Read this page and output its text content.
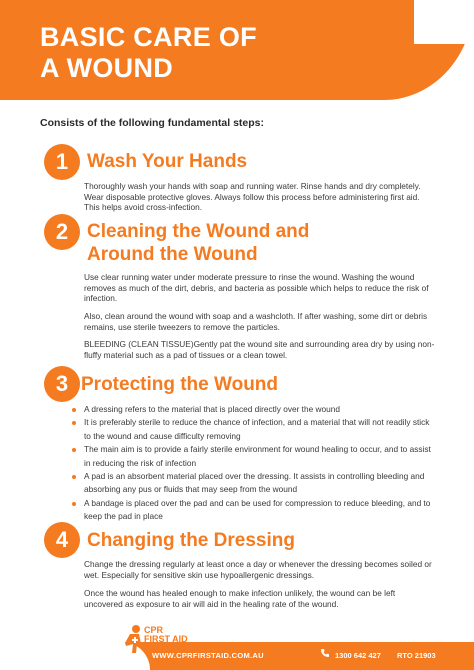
BASIC CARE OF
A WOUND
Consists of the following fundamental steps:
1 Wash Your Hands

Thoroughly wash your hands with soap and running water. Rinse hands and dry completely. Wear disposable protective gloves. Always follow this process before administering first aid. This helps avoid cross-infection.

2 Cleaning the Wound and
Around the Wound

Use clear running water under moderate pressure to rinse the wound. Washing the wound removes as much of the dirt, debris, and bacteria as possible which helps to reduce the risk of infection.

Also, clean around the wound with soap and a washcloth. If after washing, some dirt or debris remains, use sterile tweezers to remove the particles.

BLEEDING (CLEAN TISSUE)Gently pat the wound site and surrounding area dry by using non-fluffy material such as a pad of tissues or a clean towel.

3 Protecting the Wound
A dressing refers to the material that is placed directly over the wound
It is preferably sterile to reduce the chance of infection, and a material that will not readily stick to the wound and cause difficulty removing
The main aim is to provide a fairly sterile environment for wound healing to occur, and to assist in reducing the risk of infection
A pad is an absorbent material placed over the dressing. It assists in controlling bleeding and absorbing any pus or fluids that may seep from the wound
A bandage is placed over the pad and can be used for compression to reduce bleeding, and to keep the pad in place
4 Changing the Dressing

Change the dressing regularly at least once a day or whenever the dressing becomes soiled or wet. Especially for sensitive skin use hypoallergenic dressings.

Once the wound has healed enough to make infection unlikely, the wound can be left uncovered as exposure to air will aid in the healing rate of the wound.

CPR
FIRST AID
WWW.CPRFIRSTAID.COM.AU	1300 642 427 RTO 21903
